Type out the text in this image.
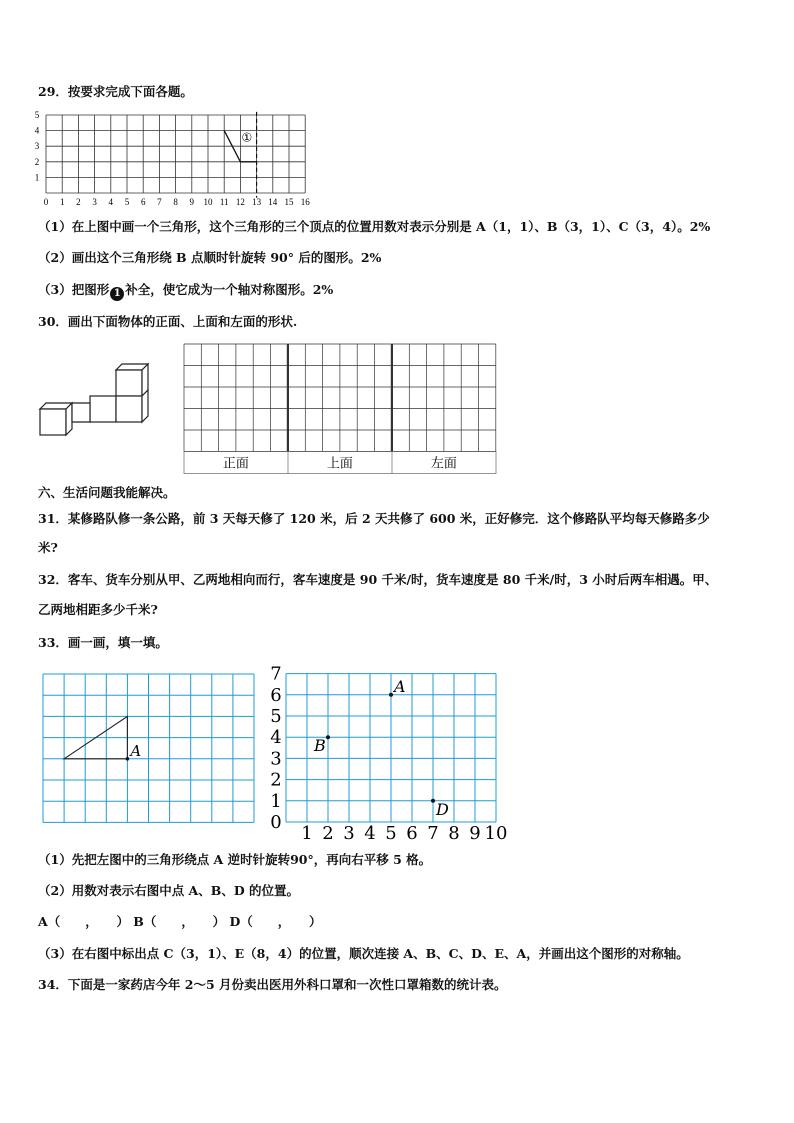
29．按要求完成下面各题。
0 1 2 3 4 5 6 7 8 9 10 11 12 13 14 15 16
1
2
3
4
5
①
（1）在上图中画一个三角形，这个三角形的三个顶点的位置用数对表示分别是 A（1，1）、B（3，1）、C（3，4）。2%
（2）画出这个三角形绕 B 点顺时针旋转 90° 后的图形。2%
（3）把图形 1 补全，使它成为一个轴对称图形。2%
30．画出下面物体的正面、上面和左面的形状.
正面	上面	左面
六、生活问题我能解决。
31．某修路队修一条公路，前 3 天每天修了 120 米，后 2 天共修了 600 米，正好修完．这个修路队平均每天修路多少
米?
32．客车、货车分别从甲、乙两地相向而行，客车速度是 90 千米/时，货车速度是 80 千米/时，3 小时后两车相遇。甲、
乙两地相距多少千米?
33．画一画，填一填。
A
0
1
2
3
4
5
6
7
1 2 3 4 5 6 7 8 9 10
A
B
D
（1）先把左图中的三角形绕点 A 逆时针旋转90°，再向右平移 5 格。
（2）用数对表示右图中点 A、B、D 的位置。
A（　　，　　） B（　　，　　） D（　　，　　）
（3）在右图中标出点 C（3，1）、E（8，4）的位置，顺次连接 A、B、C、D、E、A，并画出这个图形的对称轴。
34．下面是一家药店今年 2～5 月份卖出医用外科口罩和一次性口罩箱数的统计表。
